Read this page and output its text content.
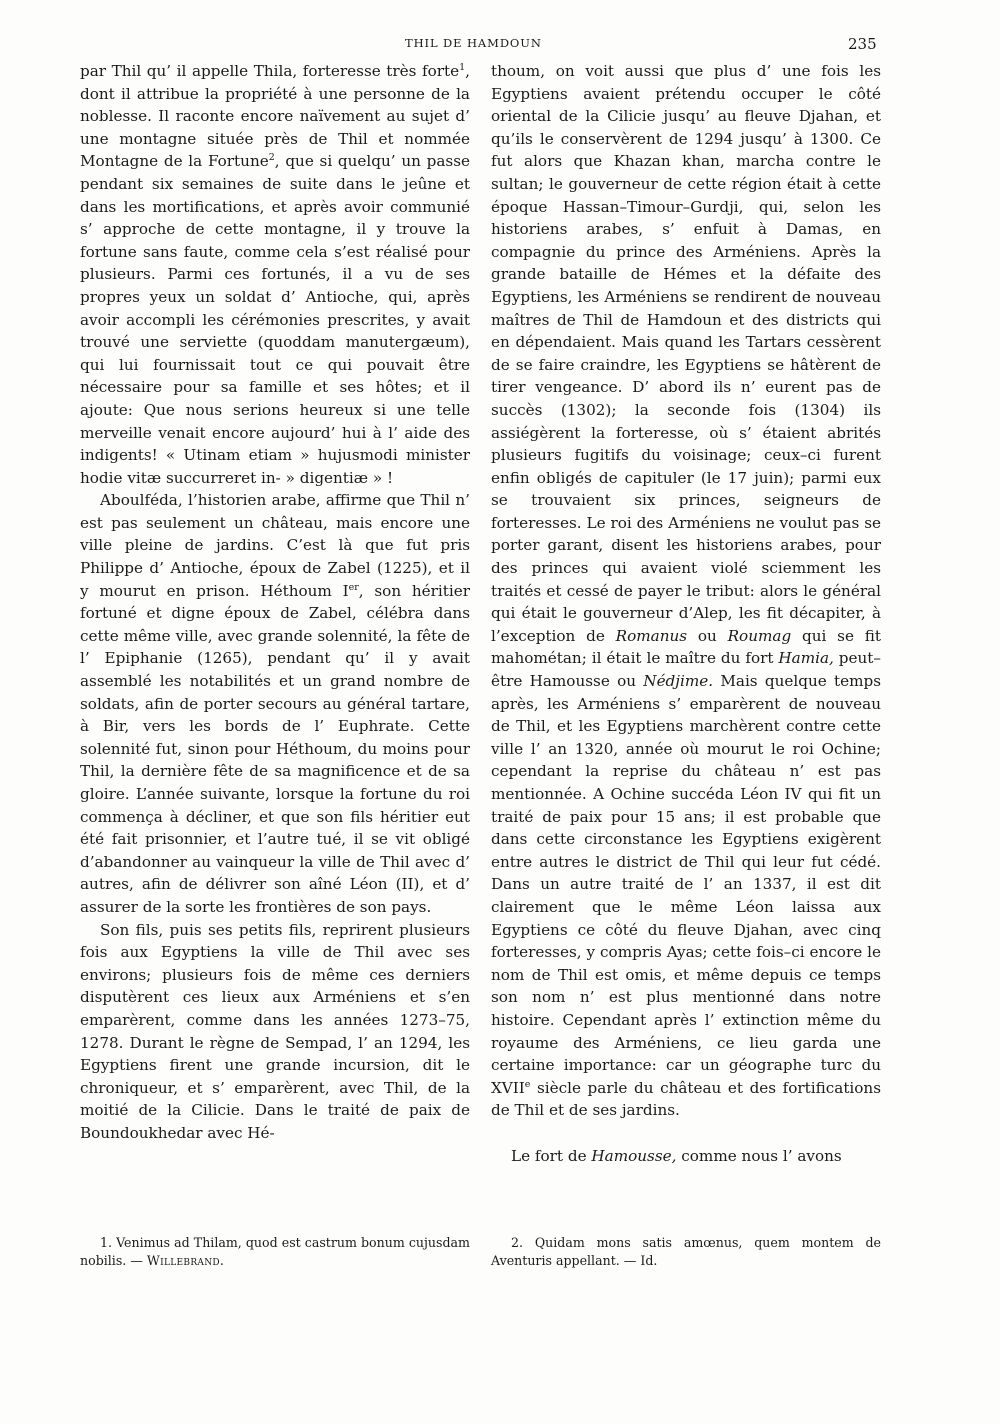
THIL DE HAMDOUN	235

par Thil qu’ il appelle Thila, forteresse très forte$^1$, dont il attribue la propriété à une personne de la noblesse. Il raconte encore naïvement au sujet d’ une montagne située près de Thil et nommée Montagne de la Fortune$^2$, que si quelqu’ un passe pendant six semaines de suite dans le jeûne et dans les mortifications, et après avoir communié s’ approche de cette montagne, il y trouve la fortune sans faute, comme cela s’est réalisé pour plusieurs. Parmi ces fortunés, il a vu de ses propres yeux un soldat d’ Antioche, qui, après avoir accompli les cérémonies prescrites, y avait trouvé une serviette (quoddam manutergæum), qui lui fournissait tout ce qui pouvait être nécessaire pour sa famille et ses hôtes; et il ajoute: Que nous serions heureux si une telle merveille venait encore aujourd’ hui à l’ aide des indigents! « Utinam etiam » hujusmodi minister hodie vitæ succurreret in- » digentiæ » !

Aboulféda, l’historien arabe, affirme que Thil n’ est pas seulement un château, mais encore une ville pleine de jardins. C’est là que fut pris Philippe d’ Antioche, époux de Zabel (1225), et il y mourut en prison. Héthoum Ier, son héritier fortuné et digne époux de Zabel, célébra dans cette même ville, avec grande solennité, la fête de l’ Epiphanie (1265), pendant qu’ il y avait assemblé les notabilités et un grand nombre de soldats, afin de porter secours au général tartare, à Bir, vers les bords de l’ Euphrate. Cette solennité fut, sinon pour Héthoum, du moins pour Thil, la dernière fête de sa magnificence et de sa gloire. L’année suivante, lorsque la fortune du roi commença à décliner, et que son fils héritier eut été fait prisonnier, et l’autre tué, il se vit obligé d’abandonner au vainqueur la ville de Thil avec d’ autres, afin de délivrer son aîné Léon (II), et d’ assurer de la sorte les frontières de son pays.

Son fils, puis ses petits fils, reprirent plusieurs fois aux Egyptiens la ville de Thil avec ses environs; plusieurs fois de même ces derniers disputèrent ces lieux aux Arméniens et s’en emparèrent, comme dans les années 1273–75, 1278. Durant le règne de Sempad, l’ an 1294, les Egyptiens firent une grande incursion, dit le chroniqueur, et s’ emparèrent, avec Thil, de la moitié de la Cilicie. Dans le traité de paix de Boundoukhedar avec Hé-

thoum, on voit aussi que plus d’ une fois les Egyptiens avaient prétendu occuper le côté oriental de la Cilicie jusqu’ au fleuve Djahan, et qu’ils le conservèrent de 1294 jusqu’ à 1300. Ce fut alors que Khazan khan, marcha contre le sultan; le gouverneur de cette région était à cette époque Hassan–Timour–Gurdji, qui, selon les historiens arabes, s’ enfuit à Damas, en compagnie du prince des Arméniens. Après la grande bataille de Hémes et la défaite des Egyptiens, les Arméniens se rendirent de nouveau maîtres de Thil de Hamdoun et des districts qui en dépendaient. Mais quand les Tartars cessèrent de se faire craindre, les Egyptiens se hâtèrent de tirer vengeance. D’ abord ils n’ eurent pas de succès (1302); la seconde fois (1304) ils assiégèrent la forteresse, où s’ étaient abrités plusieurs fugitifs du voisinage; ceux–ci furent enfin obligés de capituler (le 17 juin); parmi eux se trouvaient six princes, seigneurs de forteresses. Le roi des Arméniens ne voulut pas se porter garant, disent les historiens arabes, pour des princes qui avaient violé sciemment les traités et cessé de payer le tribut: alors le général qui était le gouverneur d’Alep, les fit décapiter, à l’exception de Romanus ou Roumag qui se fit mahométan; il était le maître du fort Hamia, peut–être Hamousse ou Nédjime. Mais quelque temps après, les Arméniens s’ emparèrent de nouveau de Thil, et les Egyptiens marchèrent contre cette ville l’ an 1320, année où mourut le roi Ochine; cependant la reprise du château n’ est pas mentionnée. A Ochine succéda Léon IV qui fit un traité de paix pour 15 ans; il est probable que dans cette circonstance les Egyptiens exigèrent entre autres le district de Thil qui leur fut cédé. Dans un autre traité de l’ an 1337, il est dit clairement que le même Léon laissa aux Egyptiens ce côté du fleuve Djahan, avec cinq forteresses, y compris Ayas; cette fois–ci encore le nom de Thil est omis, et même depuis ce temps son nom n’ est plus mentionné dans notre histoire. Cependant après l’ extinction même du royaume des Arméniens, ce lieu garda une certaine importance: car un géographe turc du XVIIe siècle parle du château et des fortifications de Thil et de ses jardins.

Le fort de Hamousse, comme nous l’ avons

1. Venimus ad Thilam, quod est castrum bonum cujusdam nobilis. — Willebrand.

2. Quidam mons satis amœnus, quem montem de Aventuris appellant. — Id.
